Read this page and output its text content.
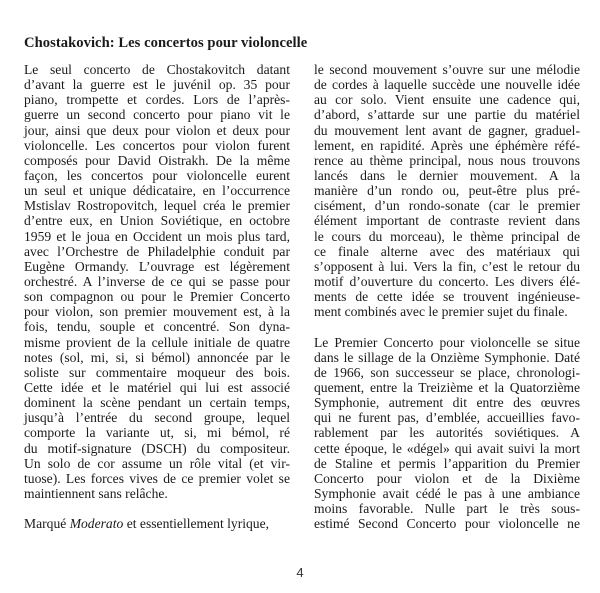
Chostakovich: Les concertos pour violoncelle
Le seul concerto de Chostakovitch datant
d’avant la guerre est le juvénil op. 35 pour
piano, trompette et cordes. Lors de l’après-
guerre un second concerto pour piano vit le
jour, ainsi que deux pour violon et deux pour
violoncelle. Les concertos pour violon furent
composés pour David Oistrakh. De la même
façon, les concertos pour violoncelle eurent
un seul et unique dédicataire, en l’occurrence
Mstislav Rostropovitch, lequel créa le premier
d’entre eux, en Union Soviétique, en octobre
1959 et le joua en Occident un mois plus tard,
avec l’Orchestre de Philadelphie conduit par
Eugène Ormandy. L’ouvrage est légèrement
orchestré. A l’inverse de ce qui se passe pour
son compagnon ou pour le Premier Concerto
pour violon, son premier mouvement est, à la
fois, tendu, souple et concentré. Son dyna-
misme provient de la cellule initiale de quatre
notes (sol, mi, si, si bémol) annoncée par le
soliste sur commentaire moqueur des bois.
Cette idée et le matériel qui lui est associé
dominent la scène pendant un certain temps,
jusqu’à l’entrée du second groupe, lequel
comporte la variante ut, si, mi bémol, ré
du motif-signature (DSCH) du compositeur.
Un solo de cor assume un rôle vital (et vir-
tuose). Les forces vives de ce premier volet se
maintiennent sans relâche.
Marqué Moderato et essentiellement lyrique,
le second mouvement s’ouvre sur une mélodie
de cordes à laquelle succède une nouvelle idée
au cor solo. Vient ensuite une cadence qui,
d’abord, s’attarde sur une partie du matériel
du mouvement lent avant de gagner, graduel-
lement, en rapidité. Après une éphémère réfé-
rence au thème principal, nous nous trouvons
lancés dans le dernier mouvement. A la
manière d’un rondo ou, peut-être plus pré-
cisément, d’un rondo-sonate (car le premier
élément important de contraste revient dans
le cours du morceau), le thème principal de
ce finale alterne avec des matériaux qui
s’opposent à lui. Vers la fin, c’est le retour du
motif d’ouverture du concerto. Les divers élé-
ments de cette idée se trouvent ingénieuse-
ment combinés avec le premier sujet du finale.
Le Premier Concerto pour violoncelle se situe
dans le sillage de la Onzième Symphonie. Daté
de 1966, son successeur se place, chronologi-
quement, entre la Treizième et la Quatorzième
Symphonie, autrement dit entre des œuvres
qui ne furent pas, d’emblée, accueillies favo-
rablement par les autorités soviétiques. A
cette époque, le «dégel» qui avait suivi la mort
de Staline et permis l’apparition du Premier
Concerto pour violon et de la Dixième
Symphonie avait cédé le pas à une ambiance
moins favorable. Nulle part le très sous-
estimé Second Concerto pour violoncelle ne
4
